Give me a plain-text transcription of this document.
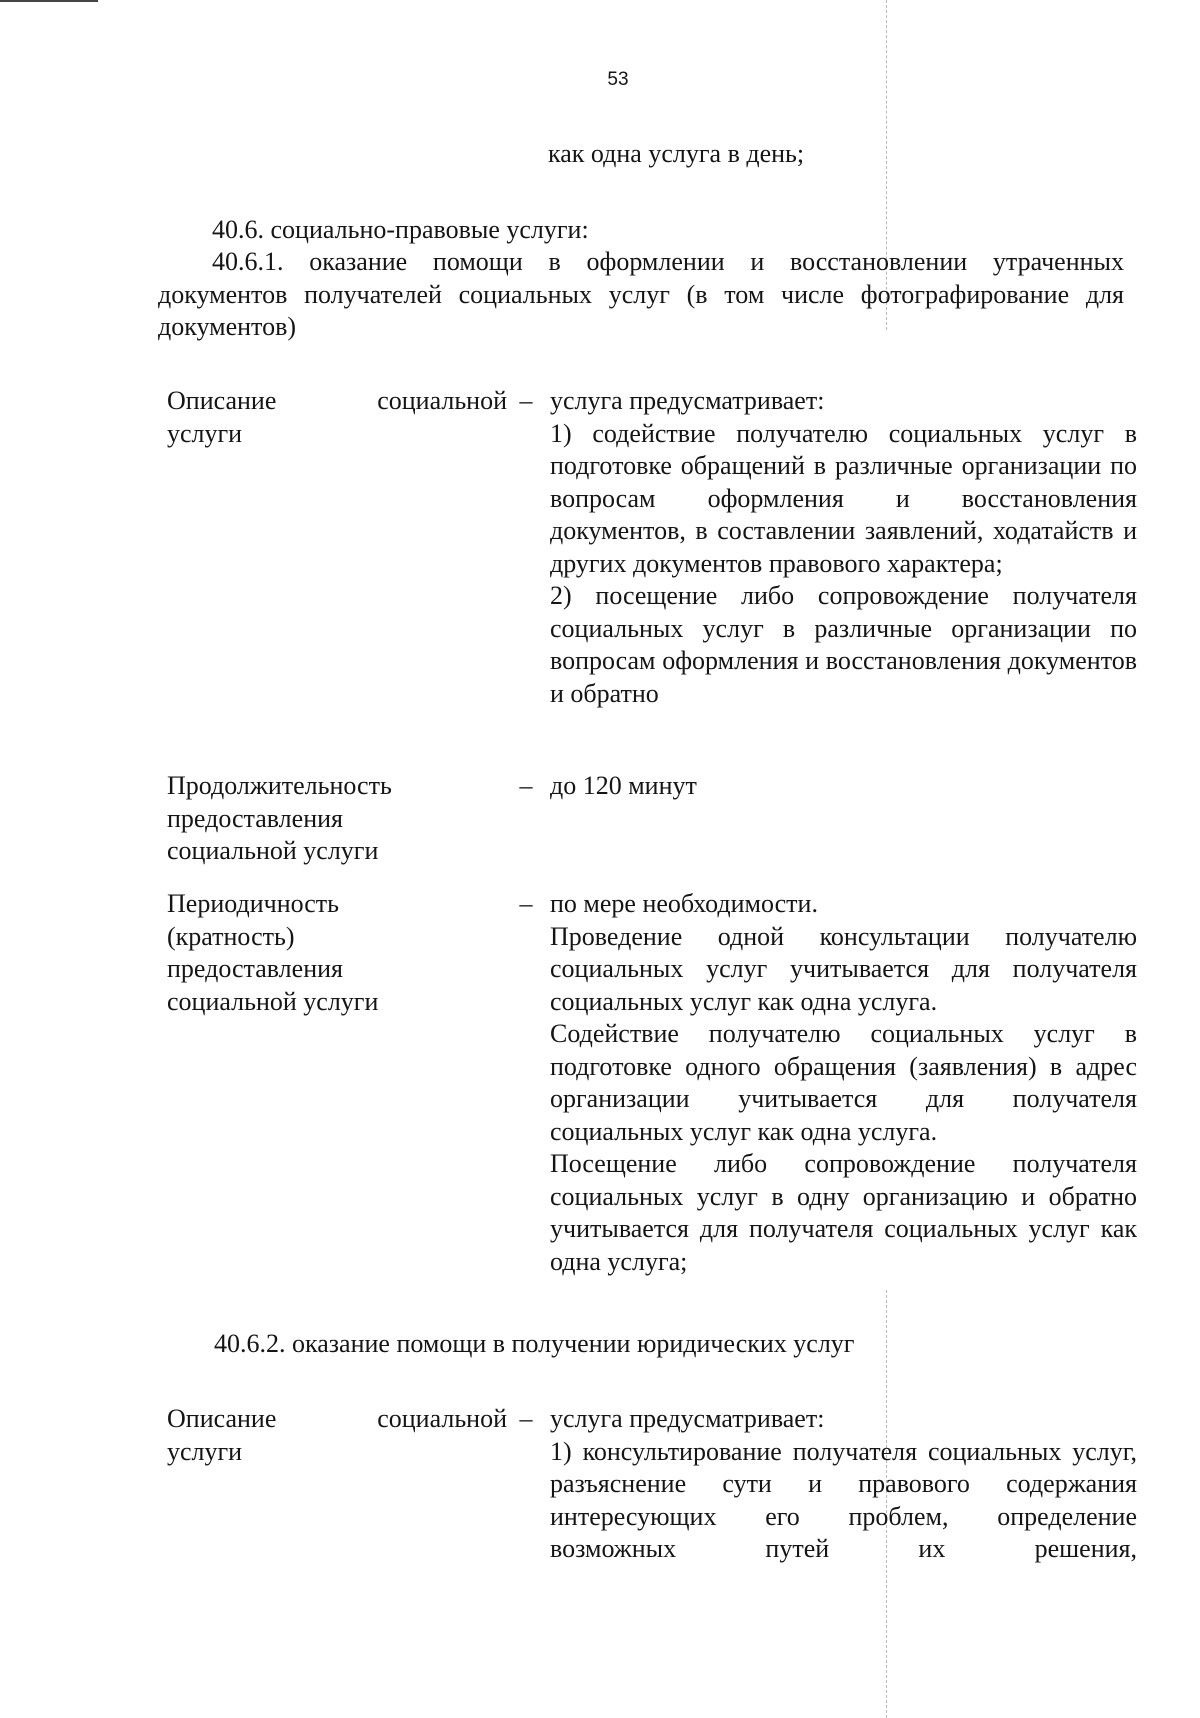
53
как одна услуга в день;
40.6. социально-правовые услуги:
40.6.1. оказание помощи в оформлении и восстановлении утраченных
документов получателей социальных услуг (в том числе фотографирование для
документов)
Описание	социальной
услуги
– услуга предусматривает:

1) содействие получателю социальных услуг в подготовке обращений в различные организации по вопросам оформления и восстановления документов, в составлении заявлений, ходатайств и других документов правового характера;

2) посещение либо сопровождение получателя социальных услуг в различные организации по вопросам оформления и восстановления документов и обратно

Продолжительность
предоставления
социальной услуги
– до 120 минут

Периодичность
(кратность)
предоставления
социальной услуги
– по мере необходимости.

Проведение одной консультации получателю социальных услуг учитывается для получателя социальных услуг как одна услуга.

Содействие получателю социальных услуг в подготовке одного обращения (заявления) в адрес организации учитывается для получателя социальных услуг как одна услуга.

Посещение либо сопровождение получателя социальных услуг в одну организацию и обратно учитывается для получателя социальных услуг как одна услуга;

40.6.2. оказание помощи в получении юридических услуг
Описание	социальной
услуги
– услуга предусматривает:

1) консультирование получателя социальных услуг, разъяснение сути и правового содержания интересующих его проблем, определение возможных путей их решения,
